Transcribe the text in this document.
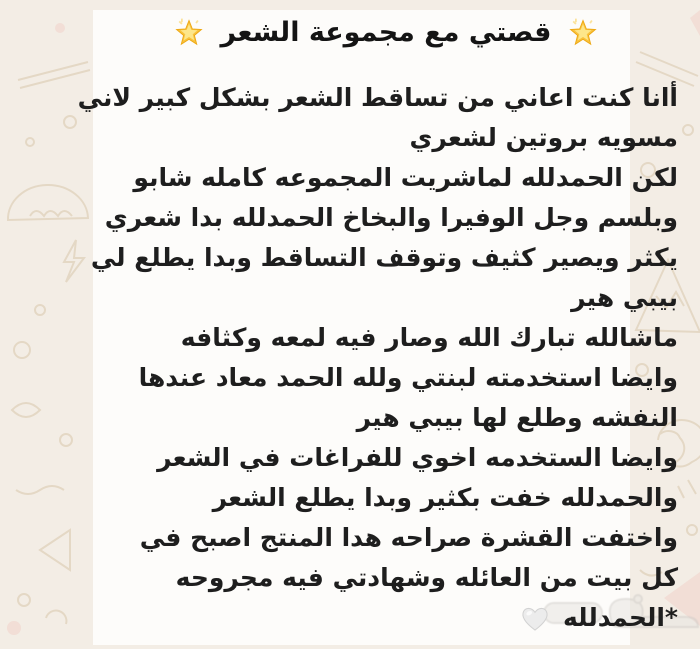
قصتي مع مجموعة الشعر
أانا كنت اعاني من تساقط الشعر بشكل كبير لاني
مسويه بروتين لشعري
لكن الحمدلله لماشريت المجموعه كامله شابو
وبلسم وجل الوفيرا والبخاخ الحمدلله بدا شعري
يكثر ويصير كثيف وتوقف التساقط وبدا يطلع لي
بيبي هير
ماشالله تبارك الله وصار فيه لمعه وكثافه
وايضا استخدمته لبنتي ولله الحمد معاد عندها
النفشه وطلع لها بيبي هير
وايضا الستخدمه اخوي للفراغات في الشعر
والحمدلله خفت بكثير وبدا يطلع الشعر
واختفت القشرة صراحه هدا المنتج اصبح في
كل بيت من العائله وشهادتي فيه مجروحه
*الحمدلله
